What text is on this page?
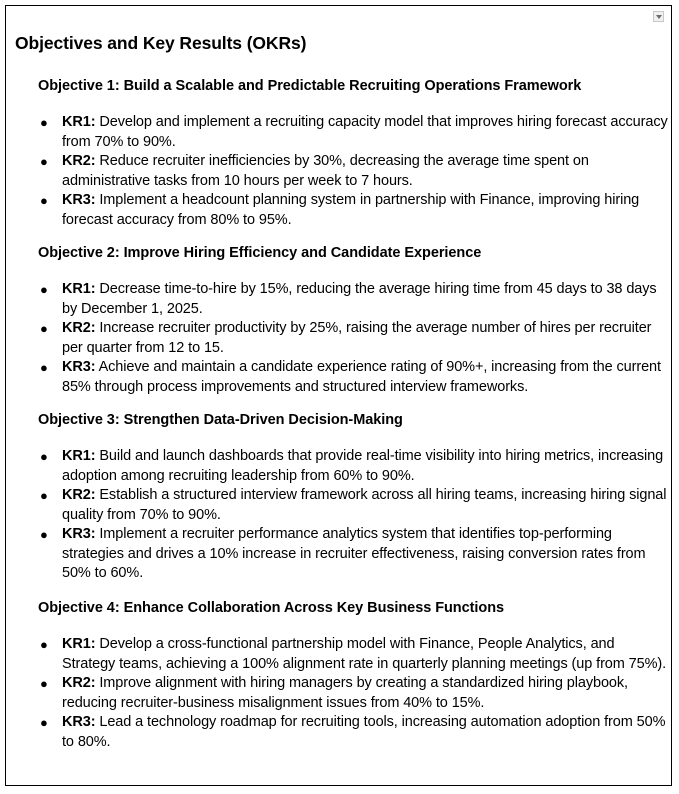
Objectives and Key Results (OKRs)
Objective 1: Build a Scalable and Predictable Recruiting Operations Framework
● KR1: Develop and implement a recruiting capacity model that improves hiring forecast accuracy from 70% to 90%.
● KR2: Reduce recruiter inefficiencies by 30%, decreasing the average time spent on administrative tasks from 10 hours per week to 7 hours.
● KR3: Implement a headcount planning system in partnership with Finance, improving hiring forecast accuracy from 80% to 95%.
Objective 2: Improve Hiring Efficiency and Candidate Experience
● KR1: Decrease time-to-hire by 15%, reducing the average hiring time from 45 days to 38 days by December 1, 2025.
● KR2: Increase recruiter productivity by 25%, raising the average number of hires per recruiter per quarter from 12 to 15.
● KR3: Achieve and maintain a candidate experience rating of 90%+, increasing from the current 85% through process improvements and structured interview frameworks.
Objective 3: Strengthen Data-Driven Decision-Making
● KR1: Build and launch dashboards that provide real-time visibility into hiring metrics, increasing adoption among recruiting leadership from 60% to 90%.
● KR2: Establish a structured interview framework across all hiring teams, increasing hiring signal quality from 70% to 90%.
● KR3: Implement a recruiter performance analytics system that identifies top-performing strategies and drives a 10% increase in recruiter effectiveness, raising conversion rates from 50% to 60%.
Objective 4: Enhance Collaboration Across Key Business Functions
● KR1: Develop a cross-functional partnership model with Finance, People Analytics, and Strategy teams, achieving a 100% alignment rate in quarterly planning meetings (up from 75%).
● KR2: Improve alignment with hiring managers by creating a standardized hiring playbook, reducing recruiter-business misalignment issues from 40% to 15%.
● KR3: Lead a technology roadmap for recruiting tools, increasing automation adoption from 50% to 80%.
